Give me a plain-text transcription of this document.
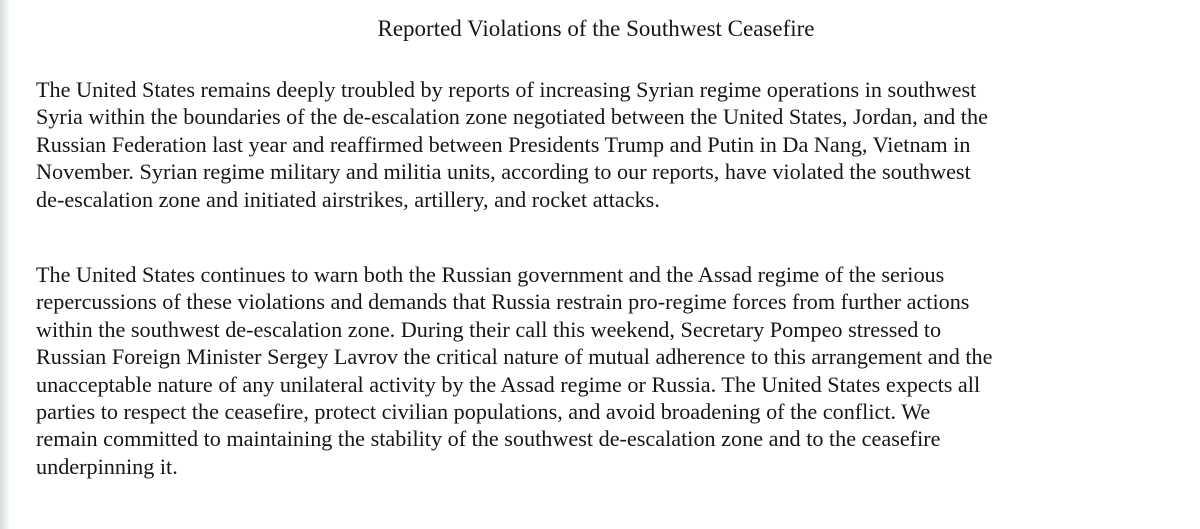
Reported Violations of the Southwest Ceasefire

The United States remains deeply troubled by reports of increasing Syrian regime operations in southwest
Syria within the boundaries of the de-escalation zone negotiated between the United States, Jordan, and the
Russian Federation last year and reaffirmed between Presidents Trump and Putin in Da Nang, Vietnam in
November. Syrian regime military and militia units, according to our reports, have violated the southwest
de-escalation zone and initiated airstrikes, artillery, and rocket attacks.

The United States continues to warn both the Russian government and the Assad regime of the serious
repercussions of these violations and demands that Russia restrain pro-regime forces from further actions
within the southwest de-escalation zone. During their call this weekend, Secretary Pompeo stressed to
Russian Foreign Minister Sergey Lavrov the critical nature of mutual adherence to this arrangement and the
unacceptable nature of any unilateral activity by the Assad regime or Russia. The United States expects all
parties to respect the ceasefire, protect civilian populations, and avoid broadening of the conflict. We
remain committed to maintaining the stability of the southwest de-escalation zone and to the ceasefire
underpinning it.
